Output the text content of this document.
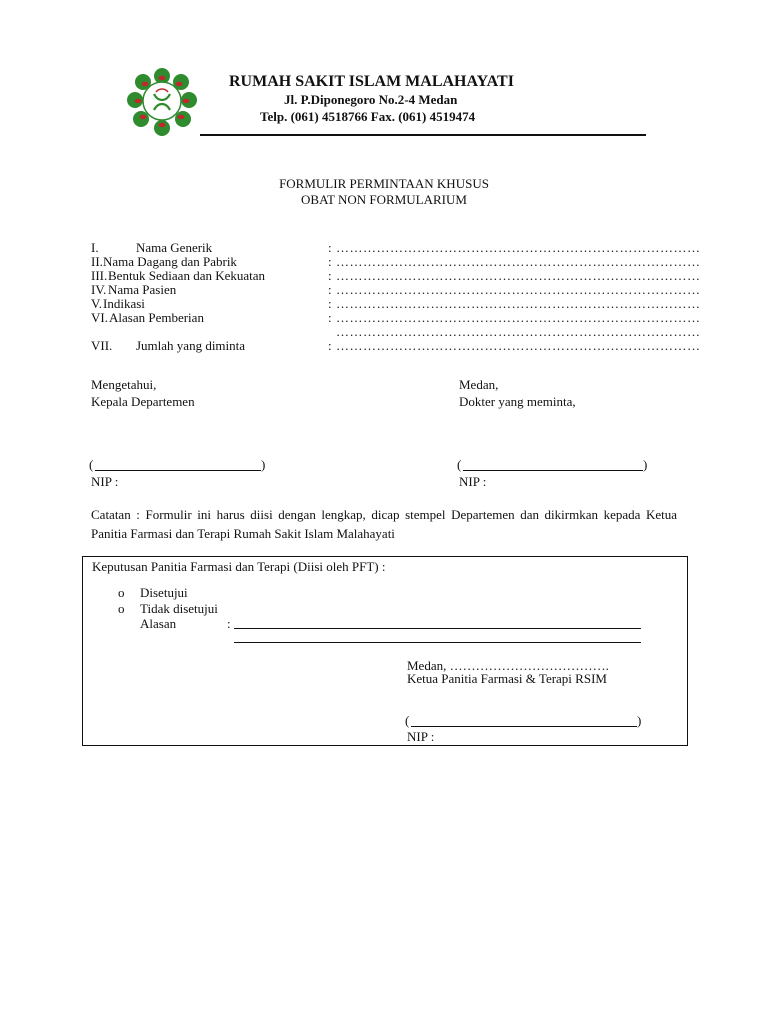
RUMAH SAKIT ISLAM MALAHAYATI
Jl. P.Diponegoro No.2-4 Medan
Telp. (061) 4518766 Fax. (061) 4519474
FORMULIR PERMINTAAN KHUSUS
OBAT NON FORMULARIUM
I.	Nama Generik	: ………………………………………………………………………
II. Nama Dagang dan Pabrik	: ………………………………………………………………………
III. Bentuk Sediaan dan Kekuatan	: ………………………………………………………………………
IV. Nama Pasien	: ………………………………………………………………………
V. Indikasi	: ………………………………………………………………………
VI. Alasan Pemberian	: ………………………………………………………………………
………………………………………………………………………
VII. Jumlah yang diminta	: ………………………………………………………………………
Mengetahui,
Kepala Departemen
Medan,
Dokter yang meminta,
(	)	(	)
NIP :	NIP :
Catatan : Formulir ini harus diisi dengan lengkap, dicap stempel Departemen dan dikirmkan kepada Ketua Panitia Farmasi dan Terapi Rumah Sakit Islam Malahayati
Keputusan Panitia Farmasi dan Terapi (Diisi oleh PFT) :
o Disetujui
o Tidak disetujui
Alasan	:
Medan, ……………………………….
Ketua Panitia Farmasi & Terapi RSIM
(	)
NIP :
